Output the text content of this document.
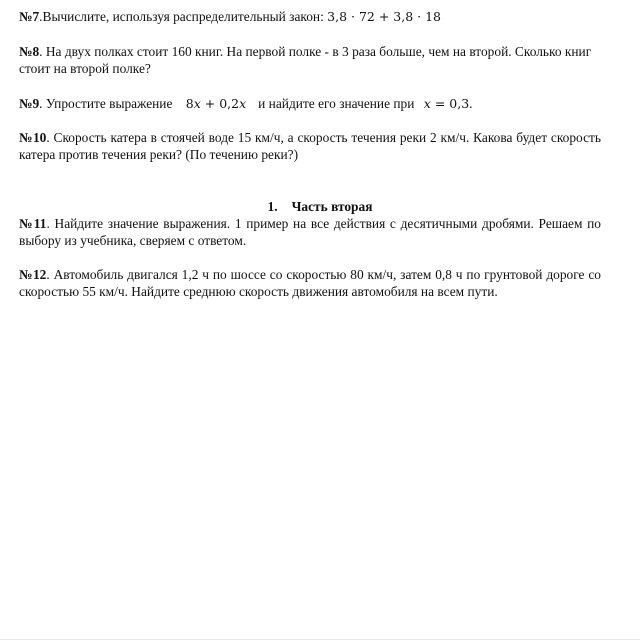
№7.Вычислите, используя распределительный закон: 3,8 · 72 + 3,8 · 18
№8. На двух полках стоит 160 книг. На первой полке - в 3 раза больше, чем на второй. Сколько книг стоит на второй полке?
№9. Упростите выражение 8x + 0,2x и найдите его значение при x = 0,3.
№10. Скорость катера в стоячей воде 15 км/ч, а скорость течения реки 2 км/ч. Какова будет скорость катера против течения реки? (По течению реки?)
1. Часть вторая
№11. Найдите значение выражения. 1 пример на все действия с десятичными дробями. Решаем по выбору из учебника, сверяем с ответом.
№12. Автомобиль двигался 1,2 ч по шоссе со скоростью 80 км/ч, затем 0,8 ч по грунтовой дороге со скоростью 55 км/ч. Найдите среднюю скорость движения автомобиля на всем пути.
